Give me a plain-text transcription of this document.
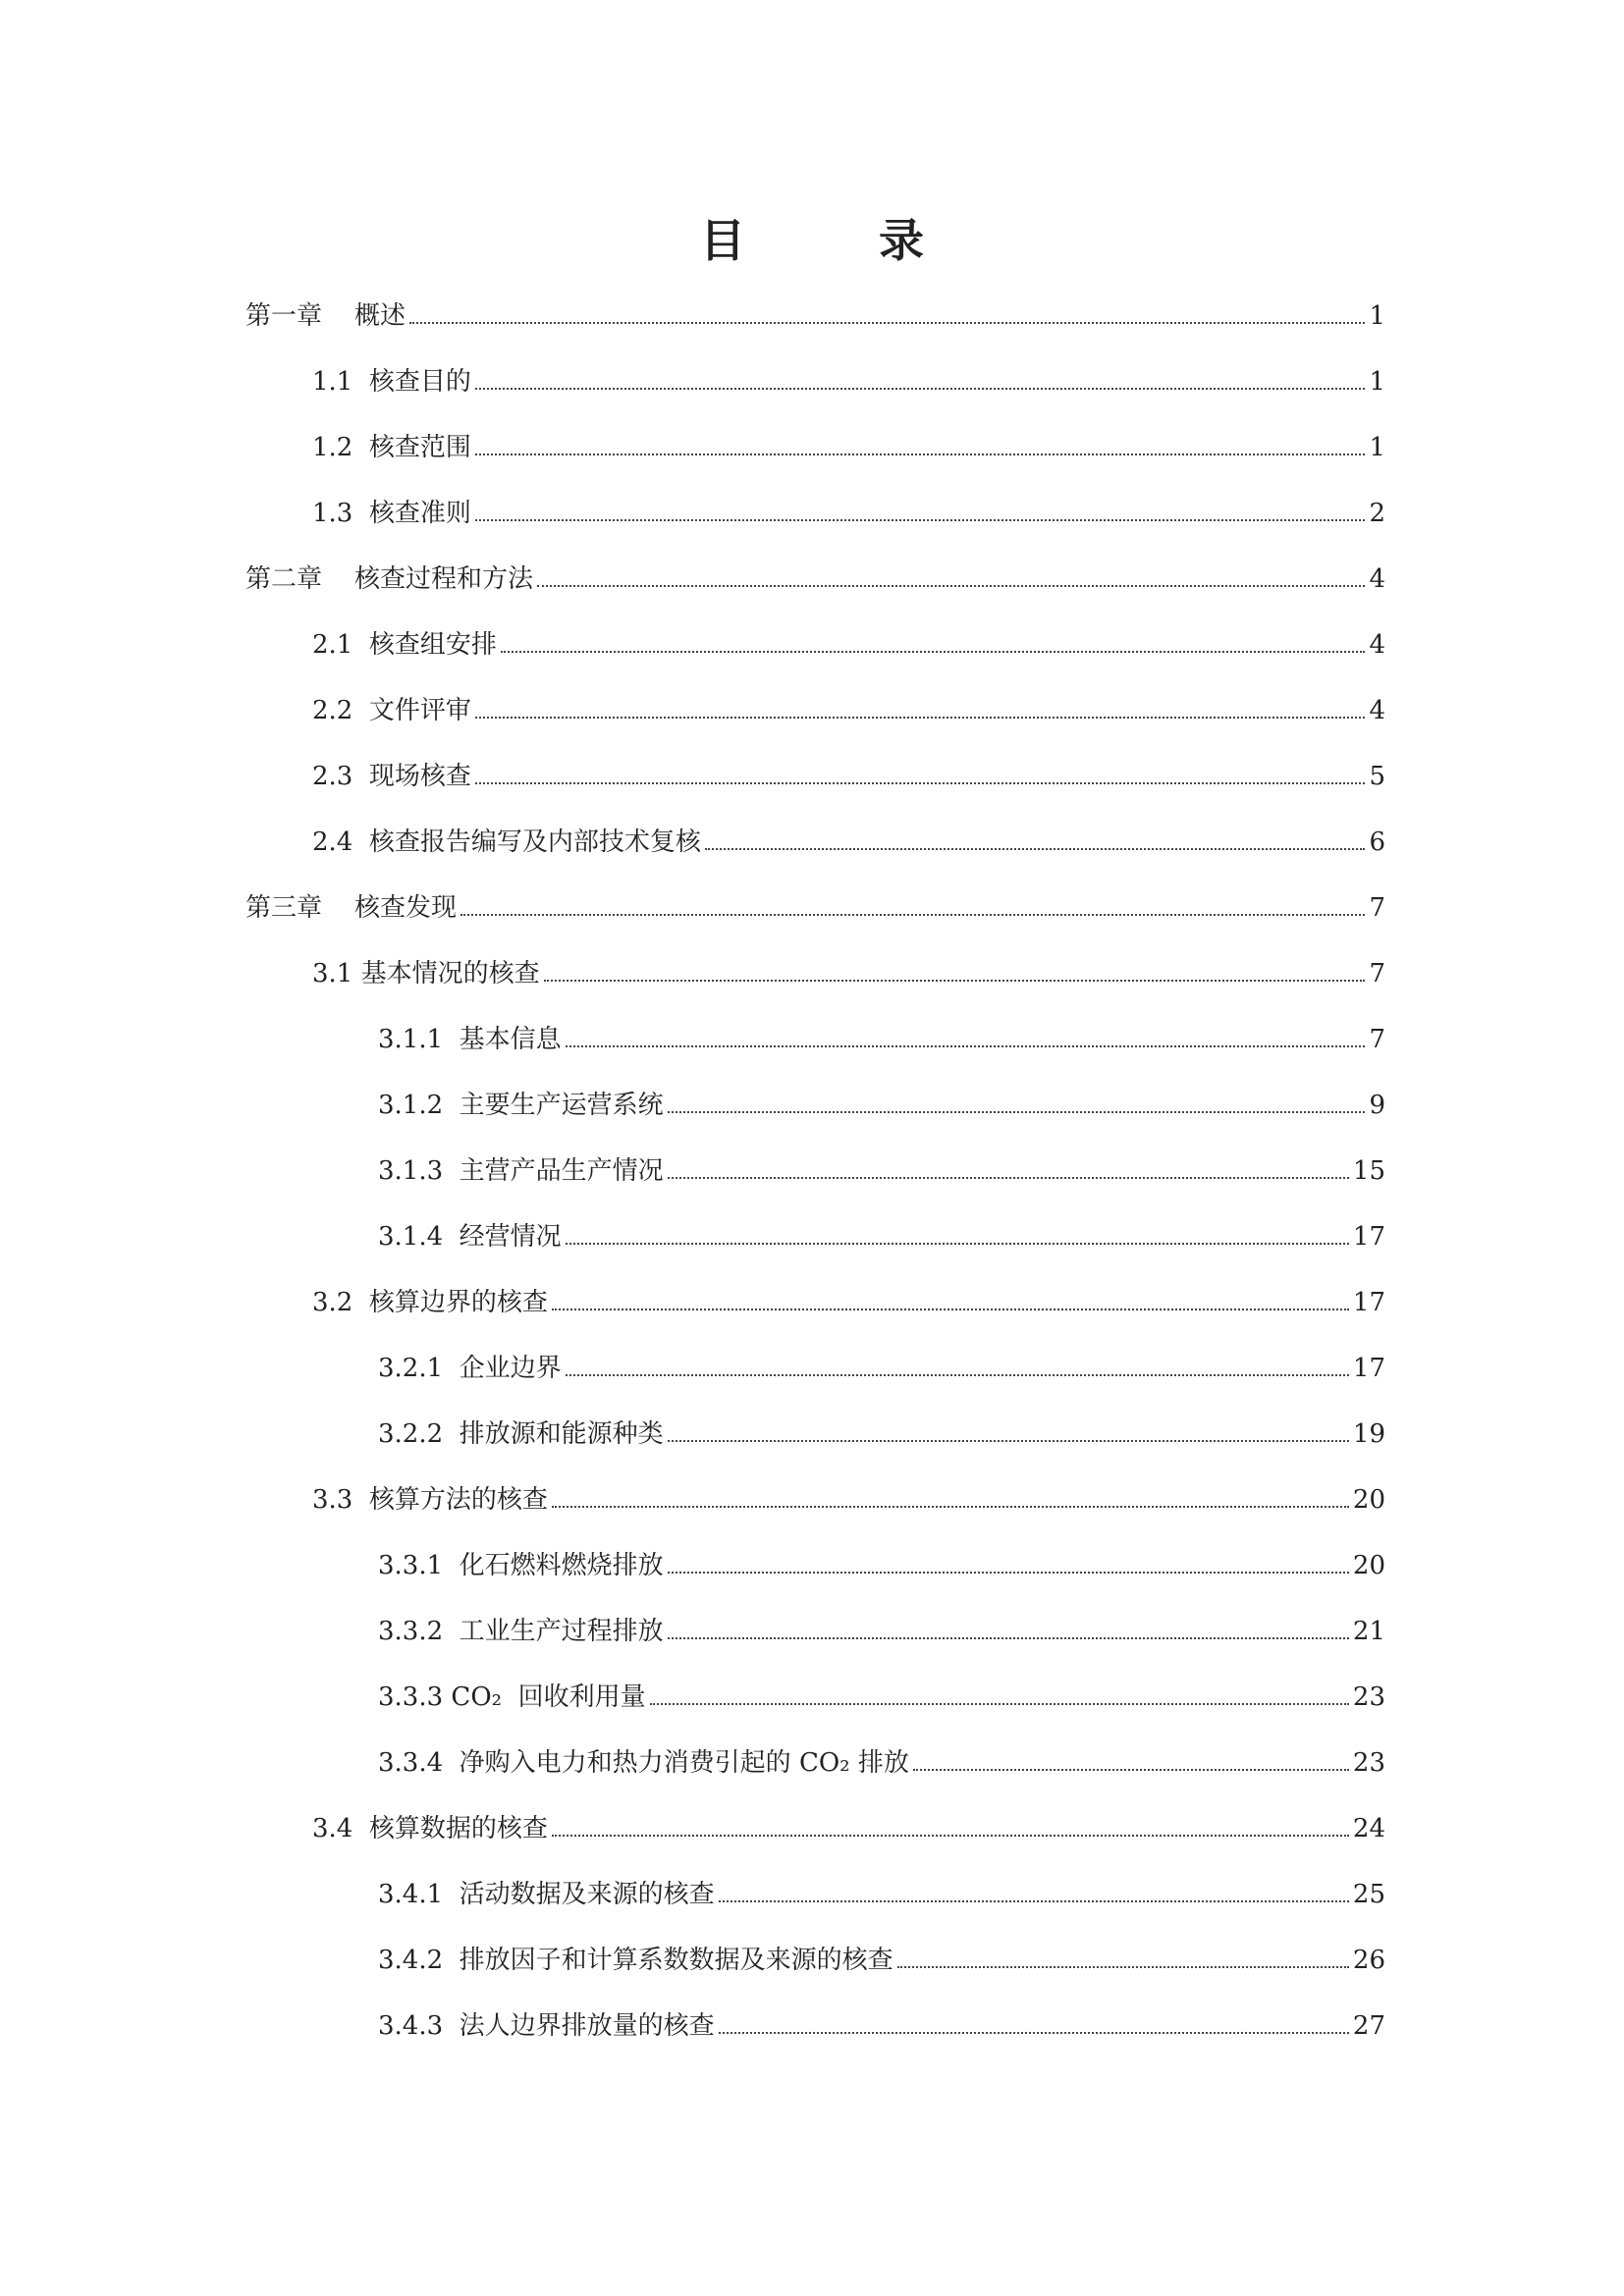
目 录
第一章    概述	1
1.1  核查目的	1
1.2  核查范围	1
1.3  核查准则	2
第二章    核查过程和方法	4
2.1  核查组安排	4
2.2  文件评审	4
2.3  现场核查	5
2.4  核查报告编写及内部技术复核	6
第三章    核查发现	7
3.1 基本情况的核查	7
3.1.1  基本信息	7
3.1.2  主要生产运营系统	9
3.1.3  主营产品生产情况	15
3.1.4  经营情况	17
3.2  核算边界的核查	17
3.2.1  企业边界	17
3.2.2  排放源和能源种类	19
3.3  核算方法的核查	20
3.3.1  化石燃料燃烧排放	20
3.3.2  工业生产过程排放	21
3.3.3 CO₂  回收利用量	23
3.3.4  净购入电力和热力消费引起的 CO₂ 排放	23
3.4  核算数据的核查	24
3.4.1  活动数据及来源的核查	25
3.4.2  排放因子和计算系数数据及来源的核查	26
3.4.3  法人边界排放量的核查	27
